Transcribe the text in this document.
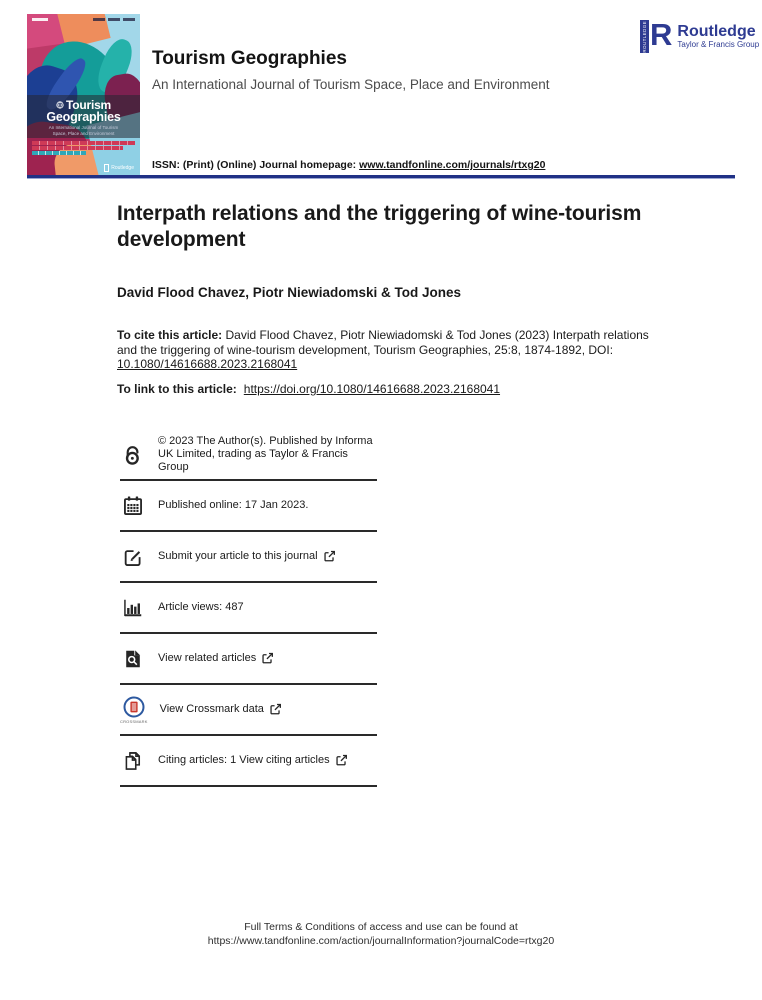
Tourism
Geographies
An International Journal of Tourism
Space, Place and Environment
Routledge
Tourism Geographies
An International Journal of Tourism Space, Place and Environment
ISSN: (Print) (Online) Journal homepage: www.tandfonline.com/journals/rtxg20
ROUTLEDGE R Routledge
Taylor & Francis Group
Interpath relations and the triggering of wine-tourism development
David Flood Chavez, Piotr Niewiadomski & Tod Jones

To cite this article: David Flood Chavez, Piotr Niewiadomski & Tod Jones (2023) Interpath relations and the triggering of wine-tourism development, Tourism Geographies, 25:8, 1874-1892, DOI: 10.1080/14616688.2023.2168041

To link to this article: https://doi.org/10.1080/14616688.2023.2168041

© 2023 The Author(s). Published by Informa UK Limited, trading as Taylor & Francis Group
Published online: 17 Jan 2023.
Submit your article to this journal
Article views: 487
View related articles
CROSSMARK
View Crossmark data
Citing articles: 1 View citing articles
Full Terms & Conditions of access and use can be found at
https://www.tandfonline.com/action/journalInformation?journalCode=rtxg20
